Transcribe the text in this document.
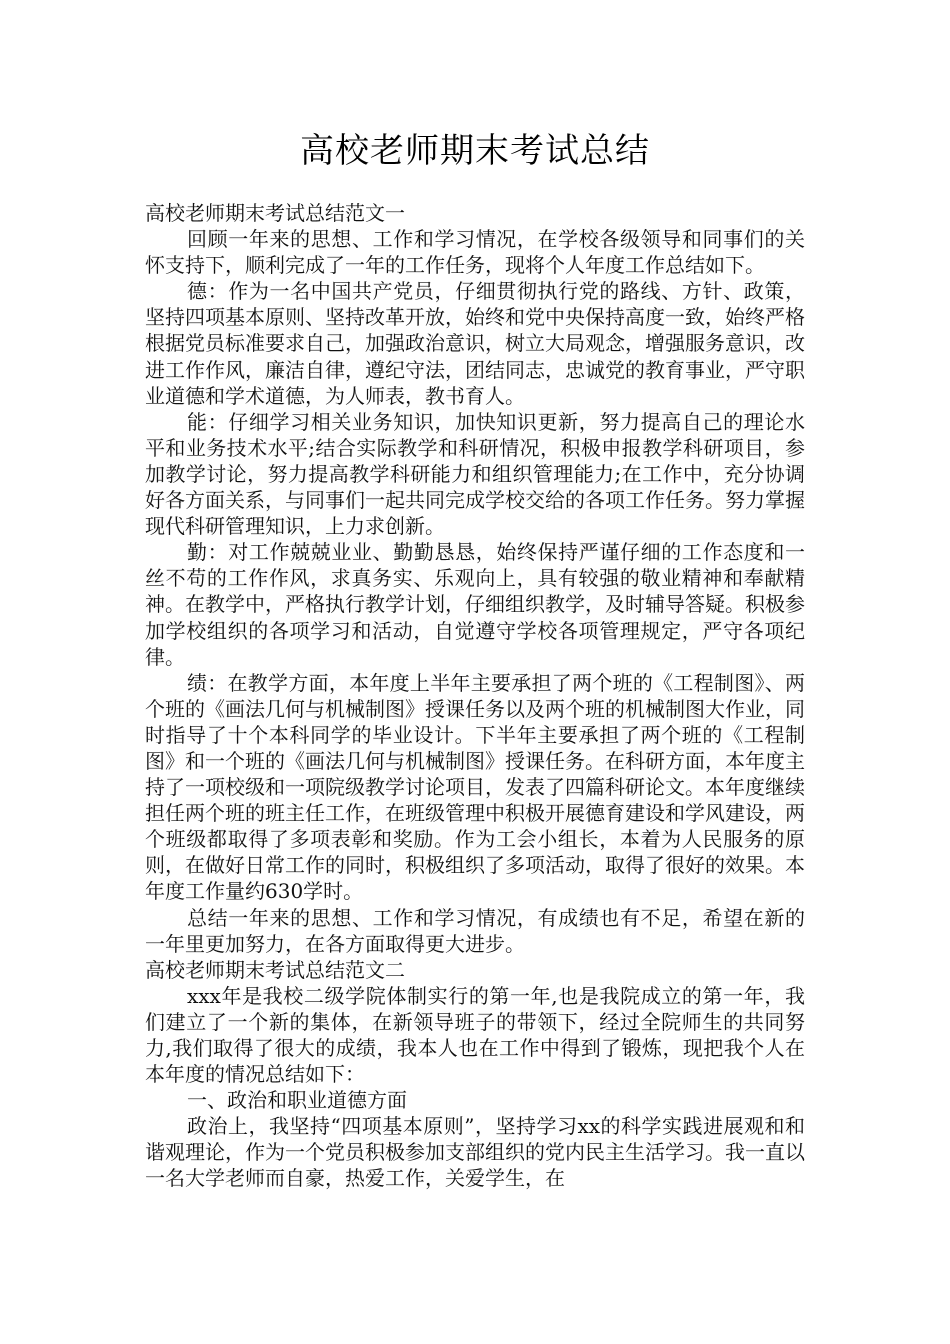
高校老师期末考试总结

高校老师期末考试总结范文一

回顾一年来的思想、工作和学习情况，在学校各级领导和同事们的关怀支持下，顺利完成了一年的工作任务，现将个人年度工作总结如下。

德：作为一名中国共产党员，仔细贯彻执行党的路线、方针、政策，坚持四项基本原则、坚持改革开放，始终和党中央保持高度一致，始终严格根据党员标准要求自己，加强政治意识，树立大局观念，增强服务意识，改进工作作风，廉洁自律，遵纪守法，团结同志，忠诚党的教育事业，严守职业道德和学术道德，为人师表，教书育人。

能：仔细学习相关业务知识，加快知识更新，努力提高自己的理论水平和业务技术水平;结合实际教学和科研情况，积极申报教学科研项目，参加教学讨论，努力提高教学科研能力和组织管理能力;在工作中，充分协调好各方面关系，与同事们一起共同完成学校交给的各项工作任务。努力掌握现代科研管理知识，上力求创新。

勤：对工作兢兢业业、勤勤恳恳，始终保持严谨仔细的工作态度和一丝不苟的工作作风，求真务实、乐观向上，具有较强的敬业精神和奉献精神。在教学中，严格执行教学计划，仔细组织教学，及时辅导答疑。积极参加学校组织的各项学习和活动，自觉遵守学校各项管理规定，严守各项纪律。

绩：在教学方面，本年度上半年主要承担了两个班的《工程制图》、两个班的《画法几何与机械制图》授课任务以及两个班的机械制图大作业，同时指导了十个本科同学的毕业设计。下半年主要承担了两个班的《工程制图》和一个班的《画法几何与机械制图》授课任务。在科研方面，本年度主持了一项校级和一项院级教学讨论项目，发表了四篇科研论文。本年度继续担任两个班的班主任工作，在班级管理中积极开展德育建设和学风建设，两个班级都取得了多项表彰和奖励。作为工会小组长，本着为人民服务的原则，在做好日常工作的同时，积极组织了多项活动，取得了很好的效果。本年度工作量约630学时。

总结一年来的思想、工作和学习情况，有成绩也有不足，希望在新的一年里更加努力，在各方面取得更大进步。

高校老师期末考试总结范文二

xxx年是我校二级学院体制实行的第一年,也是我院成立的第一年，我们建立了一个新的集体，在新领导班子的带领下，经过全院师生的共同努力,我们取得了很大的成绩，我本人也在工作中得到了锻炼，现把我个人在本年度的情况总结如下：

一、政治和职业道德方面

政治上，我坚持“四项基本原则”，坚持学习xx的科学实践进展观和和谐观理论，作为一个党员积极参加支部组织的党内民主生活学习。我一直以一名大学老师而自豪，热爱工作，关爱学生，在
